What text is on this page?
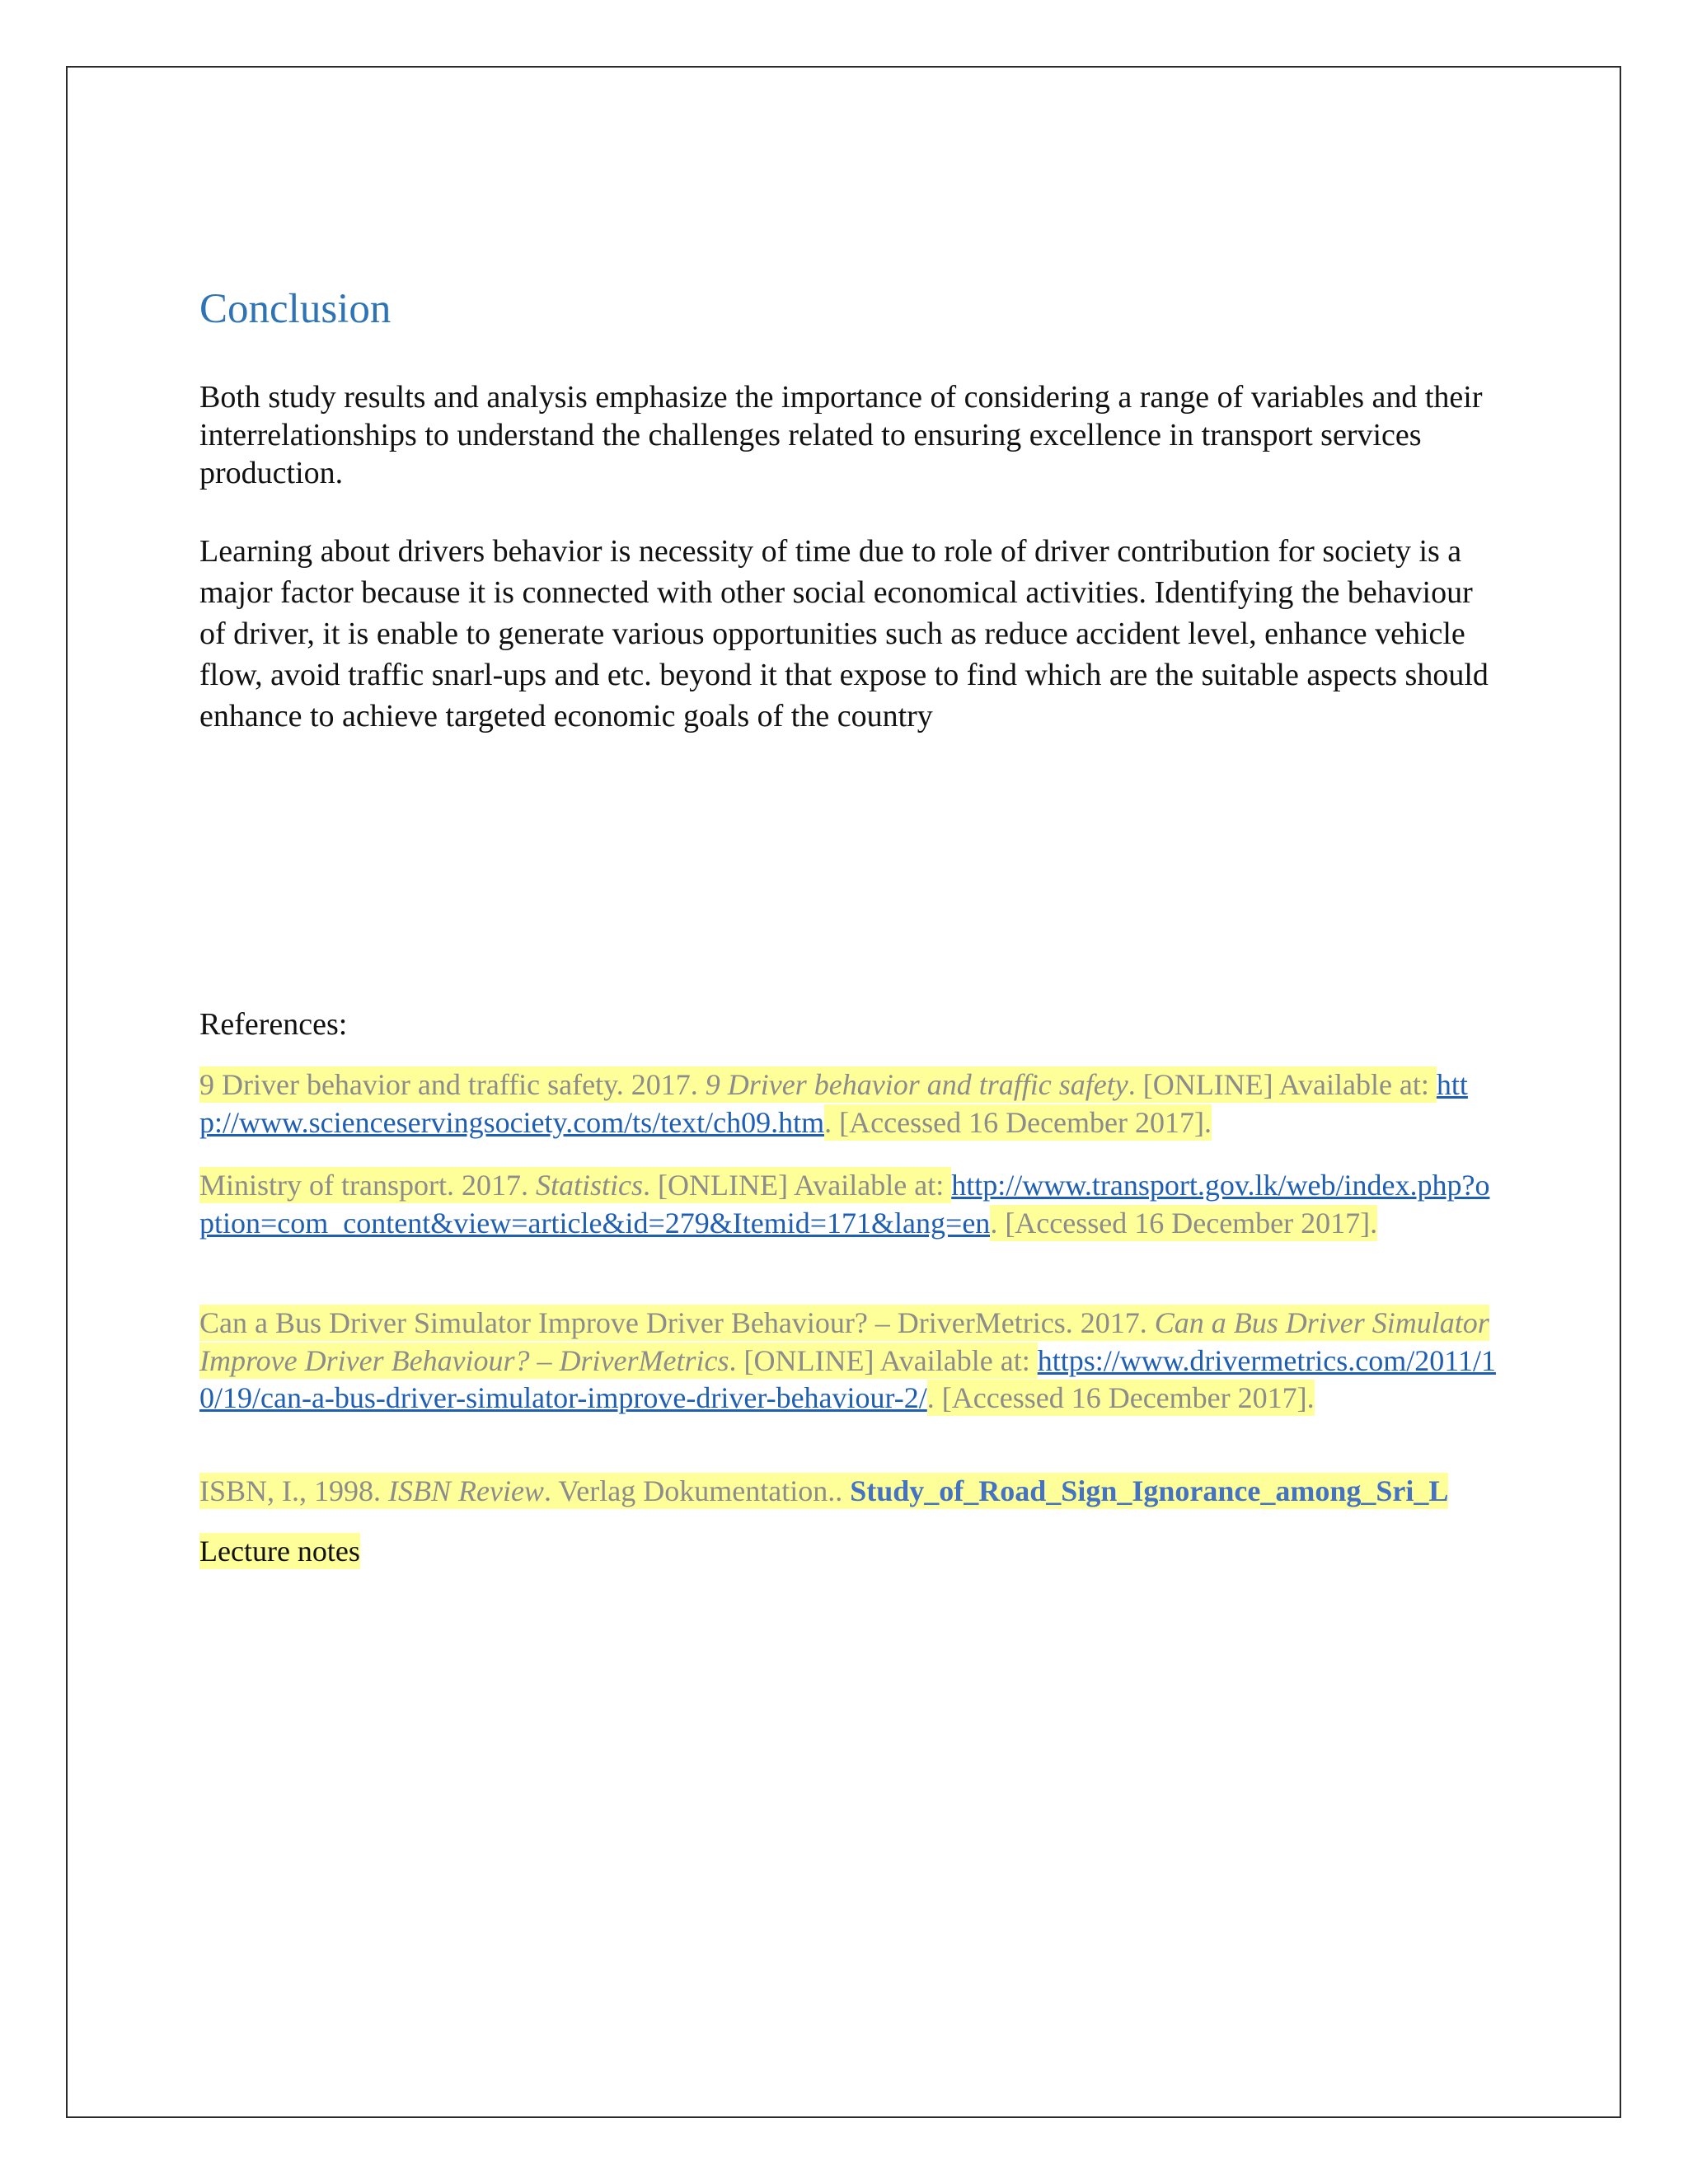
Conclusion

Both study results and analysis emphasize the importance of considering a range of variables and their interrelationships to understand the challenges related to ensuring excellence in transport services production.

Learning about drivers behavior is necessity of time due to role of driver contribution for society is a major factor because it is connected with other social economical activities. Identifying the behaviour of driver, it is enable to generate various opportunities such as reduce accident level, enhance vehicle flow, avoid traffic snarl-ups and etc. beyond it that expose to find which are the suitable aspects should enhance to achieve targeted economic goals of the country

References:

9 Driver behavior and traffic safety. 2017. 9 Driver behavior and traffic safety. [ONLINE] Available at: http://www.scienceservingsociety.com/ts/text/ch09.htm. [Accessed 16 December 2017].

Ministry of transport. 2017. Statistics. [ONLINE] Available at: http://www.transport.gov.lk/web/index.php?option=com_content&view=article&id=279&Itemid=171&lang=en. [Accessed 16 December 2017].

Can a Bus Driver Simulator Improve Driver Behaviour? – DriverMetrics. 2017. Can a Bus Driver Simulator Improve Driver Behaviour? – DriverMetrics. [ONLINE] Available at: https://www.drivermetrics.com/2011/10/19/can-a-bus-driver-simulator-improve-driver-behaviour-2/. [Accessed 16 December 2017].

ISBN, I., 1998. ISBN Review. Verlag Dokumentation.. Study_of_Road_Sign_Ignorance_among_Sri_L

Lecture notes
